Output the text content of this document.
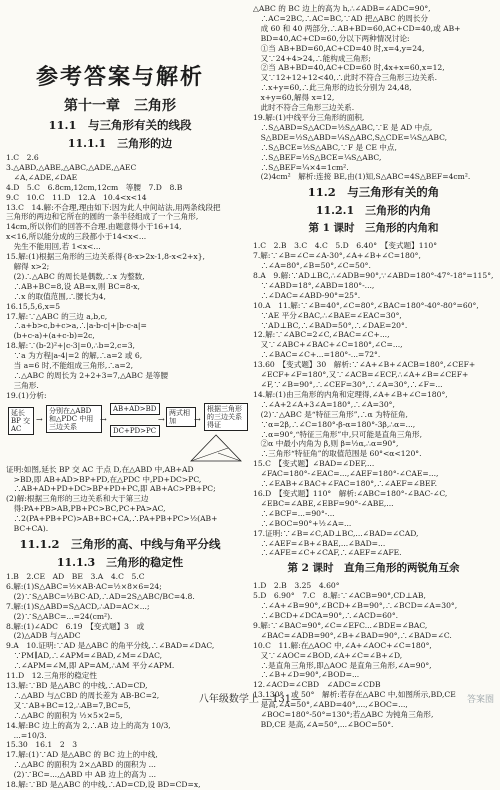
参考答案与解析
第十一章　三角形
11.1　与三角形有关的线段
11.1.1　三角形的边
1.C　2.6
3.△ABD,△ABE,△ABC,△ADE,△AEC
　∠A,∠ADE,∠DAE
4.D　5.C　6.8cm,12cm,12cm　等腰　7.D　8.B
9.C　10.C　11.D　12.A　10.4<x<14
13.C　14.解:不合理,理由如下:因为此人中间站法,用两条线段把
三角形的两边和它所在的圆的一条半径组成了一个三角形,
14cm,所以你们的回答不合理.由题意得小于16+14,
x<16,所以能分成的三段都小于14<x<...
　先生不能用回,若 1<x<...
15.解:(1)根据三角形的三边关系得{8-x>2x-1,8-x<2+x},
　解得 x>2;
　(2)∴△ABC 的周长是偶数,∴x 为整数,
　∴AB+BC=8,设 AB=x,则 BC=8-x,
　∴x 的取值范围,∴腰长为4,
16.15,5,6,x=5
17.解:∵△ABC 的三边 a,b,c,
　∴a+b>c,b+c>a,∴|a-b-c|+|b-c-a|=
　(b+c-a)+(a+c-b)=2c,
18.解:∵(b-2)²+|c-3|=0,∴b=2,c=3,
　∵a 为方程|a-4|=2 的解,∴a=2 或 6,
　当 a=6 时,不能组成三角形,∴a=2,
　∴△ABC 的周长为 2+2+3=7,△ABC 是等腰
　三角形.
19.(1)分析:
延长 BP 交 AC
→
分别在△ABD 和△PDC 中用三边关系
→
AB+AD>BD
DC+PD>PC
→
两式相加	→
根据三角形的三边关系得证
证明:如图,延长 BP 交 AC 于点 D,在△ABD 中,AB+AD
　>BD,即 AB+AD>BP+PD,在△PDC 中,PD+DC>PC,
　∴AB+AD+PD+DC>BP+PD+PC,即 AB+AC>PB+PC;
(2)解:根据三角形的三边关系和大于第三边
　得:PA+PB>AB,PB+PC>BC,PC+PA>AC,
　∴2(PA+PB+PC)>AB+BC+CA,∴PA+PB+PC>½(AB+
　BC+CA).
11.1.2　三角形的高、中线与角平分线
11.1.3　三角形的稳定性
1.B　2.CE　AD　BE　3.A　4.C　5.C
6.解:(1)S△ABC=½×AB·AC=½×8×6=24;
　(2)∵S△ABC=½BC·AD,∴AD=2S△ABC/BC=4.8.
7.解:(1)S△ABD=S△ACD,∴AD=AC×...;
　(2)∵S△ABC=...=24(cm²).
8.解:(1)∠ADC　6.19　【变式题】3　或
　(2)△ADB 与△ADC
9.A　10.证明:∵AD 是△ABC 的角平分线,∴∠BAD=∠DAC,
　∵PM∥AD,∴∠APM=∠BAD,∠M=∠DAC,
　∴∠APM=∠M,即 AP=AM,∴AM 平分∠APM.
11.D　12.三角形的稳定性
13.解:∵BD 是△ABC 的中线,∴AD=CD,
　∴△ABD 与△CBD 的周长差为 AB-BC=2,
　又∵AB+BC=12,∴AB=7,BC=5,
　∴△ABC 的面积为 ½×5×2=5,
14.解:BC 边上的高为 2,∴AB 边上的高为 10/3,
　...=10/3.
15.30　16.1　2　3
17.解:(1)∵AD 是△ABC 的 BC 边上的中线,
　∴△ABC 的面积为 2×△ABD 的面积为 ...
　(2)∵BC=...,△ABD 中 AB 边上的高为 ...
18.解:∵BD 是△ABC 的中线,∴AD=CD,设 BD=CD=x,
△ABC 的 BC 边上的高为 h,∴∠ADB=∠ADC=90°,
　∴AC=2BC,∴AC=BC,∵AD 把△ABC 的周长分
　成 60 和 40 两部分,∴AB+BD=60,AC+CD=40,或 AB+
　BD=40,AC+CD=60,分以下两种情况讨论:
　①当 AB+BD=60,AC+CD=40 时,x=4,y=24,
　又∵24+4>24,∴能构成三角形;
　②当 AB+BD=40,AC+CD=60 时,4x+x=60,x=12,
　又∵12+12+12<40,∴此时不符合三角形三边关系.
　∴x+y=60,∴此三角形的边长分别为 24,48,
　x+y=60,解得 x=12,
　此时不符合三角形三边关系.
19.解:(1)中线平分三角形的面积,
　∴S△ABD=S△ACD=½S△ABC,∵E 是 AD 中点,
　S△BDE=½S△ABD=¼S△ABC,S△CDE=¼S△ABC,
　∴S△BCE=½S△ABC,∵F 是 CE 中点,
　∴S△BEF=½S△BCE=¼S△ABC,
　∴S△BEF=¼×4=1cm².
　(2)4cm²　解析:连接 BE,由(1)知,S△ABC=4S△BEF=4cm².
11.2　与三角形有关的角
11.2.1　三角形的内角
第 1 课时　三角形的内角和
1.C　2.B　3.C　4.C　5.D　6.40°　【变式题】110°
7.解:∵∠B=∠C=∠A-30°,∠A+∠B+∠C=180°,
　∴∠A=80°,∠B=50°,∠C=50°.
8.A　9.解:∵AD⊥BC,∴∠ADB=90°,∵∠ABD=180°-47°-18°=115°,
　∵∠ABD=18°,∠ABD=180°-...,
　∴∠DAC=∠ABD-90°=25°.
10.A　11.解:∵∠B=40°,∠C=80°,∠BAC=180°-40°-80°=60°,
　∵AE 平分∠BAC,∴∠BAE=∠EAC=30°,
　∵AD⊥BC,∴∠BAD=50°,∴∠DAE=20°.
12.解:∵∠ABC=2∠C,∠BAC=∠C+...,
　又∵∠ABC+∠BAC+∠C=180°,∠C=...,
　∴∠BAC=∠C+...=180°-...=72°.
13.60　【变式题】30　解析:∵∠A+∠B+∠ACB=180°,∠CEF+
　∠ECF+∠F=180°,又∵∠ACB=∠ECF,∴∠A+∠B=∠CEF+
　∠F,∵∠B=90°,∴∠CEF=30°,∴∠A=30°,∴∠F=...
14.解:(1)由三角形的内角和定理得,∠A+∠B+∠C=180°,
　∴∠A+2∠A+3∠A=180°,∴∠A=30°,
　(2)∵△ABC 是“特征三角形”,∴α 为特征角,
　∵α=2β,∴∠C=180°-β-α=180°-3β,∴α=...,
　∴α=90°,“特征三角形”中,只可能是直角三角形,
　②α 中最小内角为 β,则 β=½α,∴α=90°,
　∴三角形“特征角”的取值范围是 60°<α<120°.
15.C　【变式题】∠BAD=∠DEF,...
　∠FAC=180°-∠EAC=...,∠AEF=180°-∠CAE=...,
　∴∠EAB+∠BAC+∠FAC=180°,∴∠AEF=∠BEF.
16.D　【变式题】110°　解析:∠ABC=180°-∠BAC-∠C,
　∠EBC=∠ABE,∠EBF=90°-∠ABE,...
　∴∠BCF=...=90°-...
　∴∠BOC=90°+½∠A=...
17.证明:∵∠B=∠C,AD⊥BC,...∠BAD=∠CAD,
　∴∠AEF=∠B+∠BAE,...∠BAD=...
　∴∠AFE=∠C+∠CAF,∴∠AEF=∠AFE.
第 2 课时　直角三角形的两锐角互余
1.D　2.B　3.25　4.60°
5.D　6.90°　7.C　8.解:∵∠ACB=90°,CD⊥AB,
　∴∠A+∠B=90°,∠BCD+∠B=90°,∴∠BCD=∠A=30°,
　∴∠BCD+∠DCA=90°,∴∠ACD=60°.
9.解:∵∠BAC=90°,∠C=∠EFC...∠BDE=∠BAC,
　∠BAC=∠ADB=90°,∠B+∠BAD=90°,∴∠BAD=∠C.
10.C　11.解:在△AOC 中,∠A+∠AOC+∠C=180°,
　又∵∠AOC=∠BOD,∠A+∠C=∠B+∠D,
　∴是直角三角形,即△AOC 是直角三角形,∠A=90°,
　∴∠B+∠D=90°,∠BOD=...
12.∠ACD=∠CBD　∠ADC=∠CDB
13.130°　或 50°　解析:若存在△ABC 中,如图所示,BD,CE
　是高,∠A=50°,∠ABD=40°,...,∠BOC=...,
　∠BOC=180°-50°=130°;若△ABC 为钝角三角形,
　BD,CE 是高,∠A=50°,...∠BOC=50°.
八年级数学上 —131—	答案圈
